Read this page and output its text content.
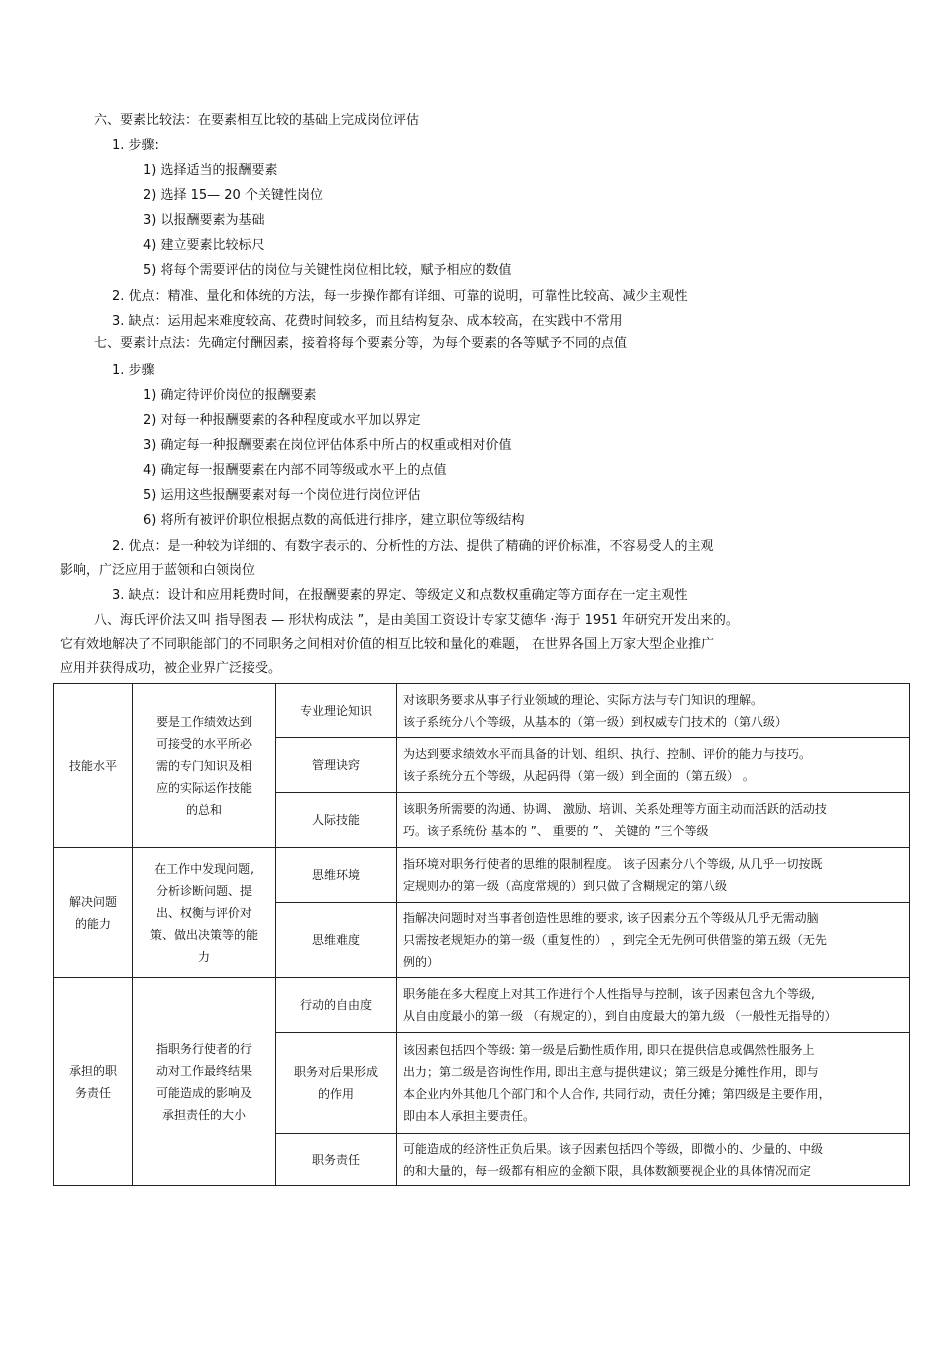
六、要素比较法：在要素相互比较的基础上完成岗位评估
1. 步骤:
1) 选择适当的报酬要素
2) 选择 15— 20 个关键性岗位
3) 以报酬要素为基础
4) 建立要素比较标尺
5) 将每个需要评估的岗位与关键性岗位相比较，赋予相应的数值
2. 优点：精准、量化和体统的方法，每一步操作都有详细、可靠的说明，可靠性比较高、减少主观性
3. 缺点：运用起来难度较高、花费时间较多，而且结构复杂、成本较高，在实践中不常用
七、要素计点法：先确定付酬因素，接着将每个要素分等，为每个要素的各等赋予不同的点值
1. 步骤
1) 确定待评价岗位的报酬要素
2) 对每一种报酬要素的各种程度或水平加以界定
3) 确定每一种报酬要素在岗位评估体系中所占的权重或相对价值
4) 确定每一报酬要素在内部不同等级或水平上的点值
5) 运用这些报酬要素对每一个岗位进行岗位评估
6) 将所有被评价职位根据点数的高低进行排序，建立职位等级结构
2. 优点：是一种较为详细的、有数字表示的、分析性的方法、提供了精确的评价标准，不容易受人的主观
影响，广泛应用于蓝领和白领岗位
3. 缺点：设计和应用耗费时间，在报酬要素的界定、等级定义和点数权重确定等方面存在一定主观性
八、海氏评价法又叫 指导图表 — 形状构成法 ”，是由美国工资设计专家艾德华 ·海于 1951 年研究开发出来的。
它有效地解决了不同职能部门的不同职务之间相对价值的相互比较和量化的难题， 在世界各国上万家大型企业推广
应用并获得成功，被企业界广泛接受。
技能水平	要是工作绩效达到
可接受的水平所必
需的专门知识及相
应的实际运作技能
的总和	专业理论知识	对该职务要求从事子行业领域的理论、实际方法与专门知识的理解。
该子系统分八个等级，从基本的（第一级）到权威专门技术的（第八级）

		管理诀窍	为达到要求绩效水平而具备的计划、组织、执行、控制、评价的能力与技巧。
该子系统分五个等级，从起码得（第一级）到全面的（第五级） 。

		人际技能	该职务所需要的沟通、协调、 激励、培训、关系处理等方面主动而活跃的活动技
巧。该子系统份 基本的 ”、 重要的 ”、 关键的 ”三个等级

解决问题
的能力	在工作中发现问题,
分析诊断问题、提
出、权衡与评价对
策、做出决策等的能
力	思维环境	指环境对职务行使者的思维的限制程度。 该子因素分八个等级, 从几乎一切按既
定规则办的第一级（高度常规的）到只做了含糊规定的第八级

		思维难度	指解决问题时对当事者创造性思维的要求, 该子因素分五个等级从几乎无需动脑
只需按老规矩办的第一级（重复性的） ，到完全无先例可供借鉴的第五级（无先
例的）

承担的职
务责任	指职务行使者的行
动对工作最终结果
可能造成的影响及
承担责任的大小	行动的自由度	职务能在多大程度上对其工作进行个人性指导与控制，该子因素包含九个等级,
从自由度最小的第一级 （有规定的），到自由度最大的第九级 （一般性无指导的）

		职务对后果形成
的作用	该因素包括四个等级: 第一级是后勤性质作用, 即只在提供信息或偶然性服务上
出力；第二级是咨询性作用, 即出主意与提供建议；第三级是分摊性作用，即与
本企业内外其他几个部门和个人合作, 共同行动，责任分摊；第四级是主要作用，
即由本人承担主要责任。

		职务责任	可能造成的经济性正负后果。该子因素包括四个等级，即微小的、少量的、中级
的和大量的，每一级都有相应的金额下限，具体数额要视企业的具体情况而定
